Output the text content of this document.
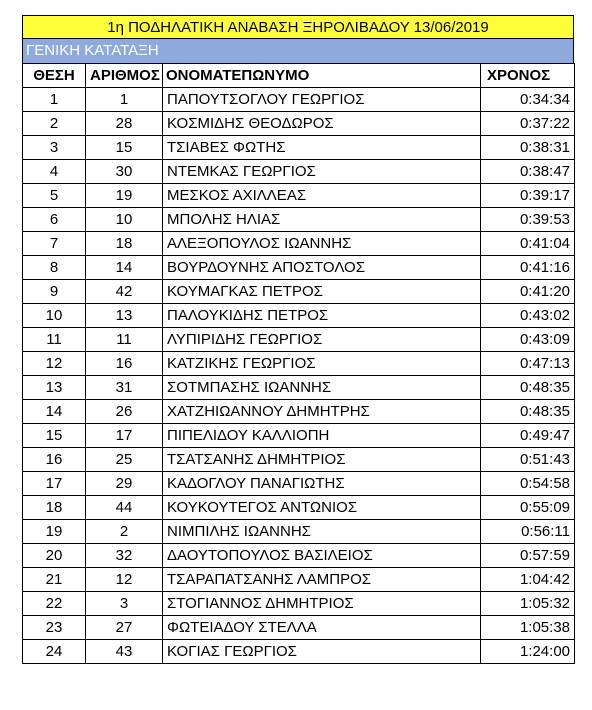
1η ΠΟΔΗΛΑΤΙΚΗ ΑΝΑΒΑΣΗ ΞΗΡΟΛΙΒΑΔΟΥ 13/06/2019
ΓΕΝΙΚΗ ΚΑΤΑΤΑΞΗ
ΘΕΣΗ	ΑΡΙΘΜΟΣ	ΟΝΟΜΑΤΕΠΩΝΥΜΟ	ΧΡΟΝΟΣ
1	1	ΠΑΠΟΥΤΣΟΓΛΟΥ ΓΕΩΡΓΙΟΣ	0:34:34
2	28	ΚΟΣΜΙΔΗΣ ΘΕΟΔΩΡΟΣ	0:37:22
3	15	ΤΣΙΑΒΕΣ ΦΩΤΗΣ	0:38:31
4	30	ΝΤΕΜΚΑΣ ΓΕΩΡΓΙΟΣ	0:38:47
5	19	ΜΕΣΚΟΣ ΑΧΙΛΛΕΑΣ	0:39:17
6	10	ΜΠΟΛΗΣ ΗΛΙΑΣ	0:39:53
7	18	ΑΛΕΞΟΠΟΥΛΟΣ ΙΩΑΝΝΗΣ	0:41:04
8	14	ΒΟΥΡΔΟΥΝΗΣ ΑΠΟΣΤΟΛΟΣ	0:41:16
9	42	ΚΟΥΜΑΓΚΑΣ ΠΕΤΡΟΣ	0:41:20
10	13	ΠΑΛΟΥΚΙΔΗΣ ΠΕΤΡΟΣ	0:43:02
11	11	ΛΥΠΙΡΙΔΗΣ ΓΕΩΡΓΙΟΣ	0:43:09
12	16	ΚΑΤΖΙΚΗΣ ΓΕΩΡΓΙΟΣ	0:47:13
13	31	ΣΟΤΜΠΑΣΗΣ ΙΩΑΝΝΗΣ	0:48:35
14	26	ΧΑΤΖΗΙΩΑΝΝΟΥ ΔΗΜΗΤΡΗΣ	0:48:35
15	17	ΠΙΠΕΛΙΔΟΥ ΚΑΛΛΙΟΠΗ	0:49:47
16	25	ΤΣΑΤΣΑΝΗΣ ΔΗΜΗΤΡΙΟΣ	0:51:43
17	29	ΚΑΔΟΓΛΟΥ ΠΑΝΑΓΙΩΤΗΣ	0:54:58
18	44	ΚΟΥΚΟΥΤΕΓΟΣ ΑΝΤΩΝΙΟΣ	0:55:09
19	2	ΝΙΜΠΙΛΗΣ ΙΩΑΝΝΗΣ	0:56:11
20	32	ΔΑΟΥΤΟΠΟΥΛΟΣ ΒΑΣΙΛΕΙΟΣ	0:57:59
21	12	ΤΣΑΡΑΠΑΤΣΑΝΗΣ ΛΑΜΠΡΟΣ	1:04:42
22	3	ΣΤΟΓΙΑΝΝΟΣ ΔΗΜΗΤΡΙΟΣ	1:05:32
23	27	ΦΩΤΕΙΑΔΟΥ ΣΤΕΛΛΑ	1:05:38
24	43	ΚΟΓΙΑΣ ΓΕΩΡΓΙΟΣ	1:24:00
